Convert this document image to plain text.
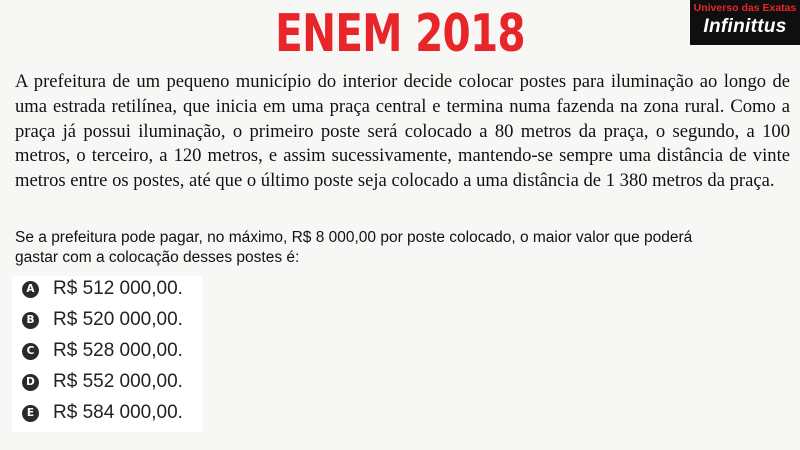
ENEM 2018	Universo das Exatas
Infinittus

A prefeitura de um pequeno município do interior decide colocar postes para iluminação ao longo de uma estrada retilínea, que inicia em uma praça central e termina numa fazenda na zona rural. Como a praça já possui iluminação, o primeiro poste será colocado a 80 metros da praça, o segundo, a 100 metros, o terceiro, a 120 metros, e assim sucessivamente, mantendo-se sempre uma distância de vinte metros entre os postes, até que o último poste seja colocado a uma distância de 1 380 metros da praça.

Se a prefeitura pode pagar, no máximo, R$ 8 000,00 por poste colocado, o maior valor que poderá gastar com a colocação desses postes é:

A R$ 512 000,00.
B R$ 520 000,00.
C R$ 528 000,00.
D R$ 552 000,00.
E R$ 584 000,00.
